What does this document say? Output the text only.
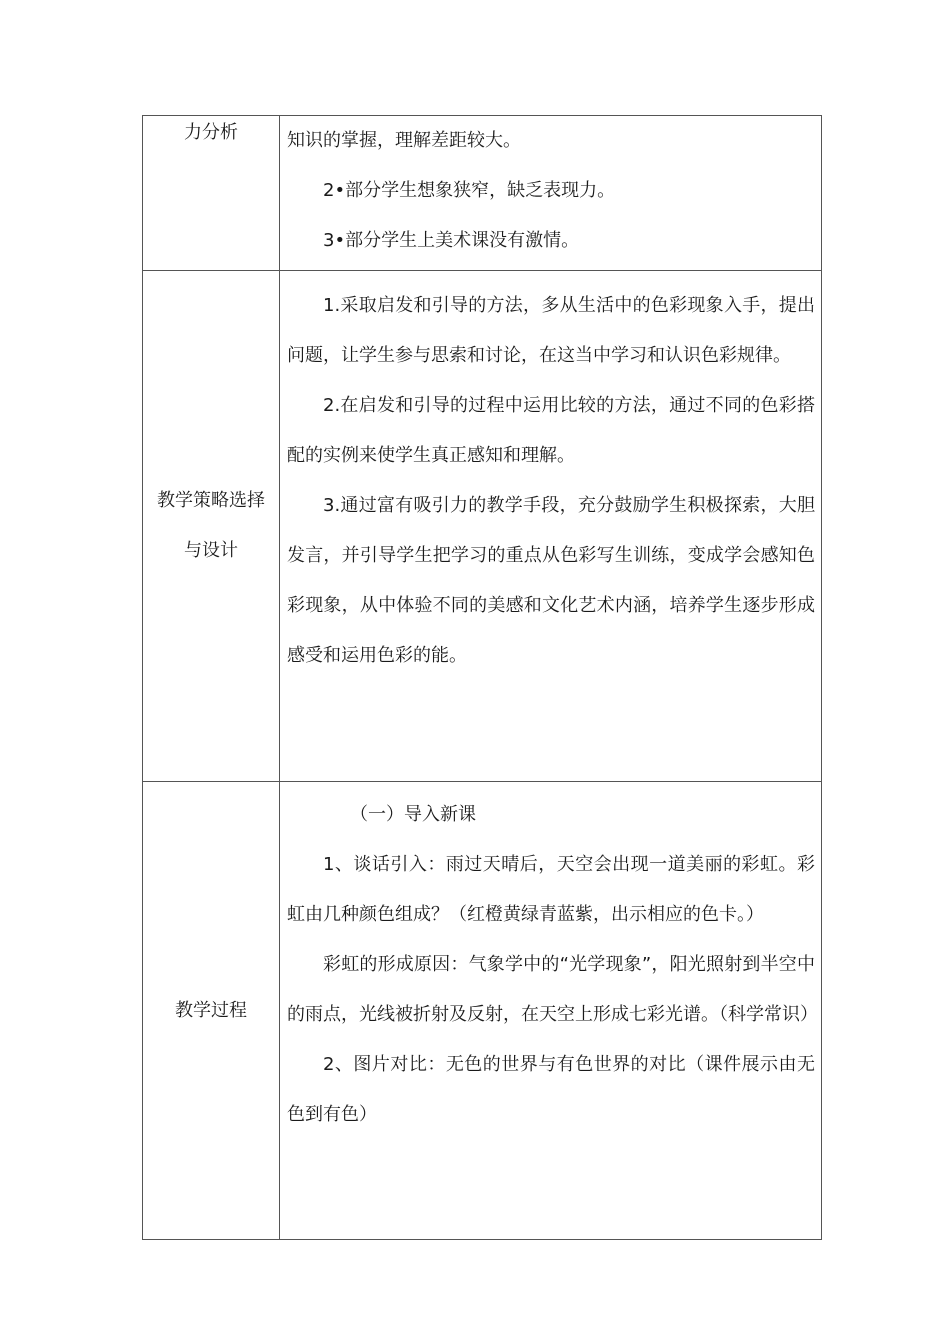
力分析	知识的掌握，理解差距较大。

2•部分学生想象狭窄，缺乏表现力。

3•部分学生上美术课没有激情。

教学策略选择与设计	1.采取启发和引导的方法，多从生活中的色彩现象入手，提出问题，让学生参与思索和讨论，在这当中学习和认识色彩规律。

2.在启发和引导的过程中运用比较的方法，通过不同的色彩搭配的实例来使学生真正感知和理解。

3.通过富有吸引力的教学手段，充分鼓励学生积极探索，大胆发言，并引导学生把学习的重点从色彩写生训练，变成学会感知色彩现象，从中体验不同的美感和文化艺术内涵，培养学生逐步形成感受和运用色彩的能。

教学过程	（一）导入新课

1、谈话引入：雨过天晴后，天空会出现一道美丽的彩虹。彩虹由几种颜色组成？（红橙黄绿青蓝紫，出示相应的色卡。）

彩虹的形成原因：气象学中的“光学现象”，阳光照射到半空中的雨点，光线被折射及反射，在天空上形成七彩光谱。（科学常识）

2、图片对比：无色的世界与有色世界的对比（课件展示由无色到有色）
